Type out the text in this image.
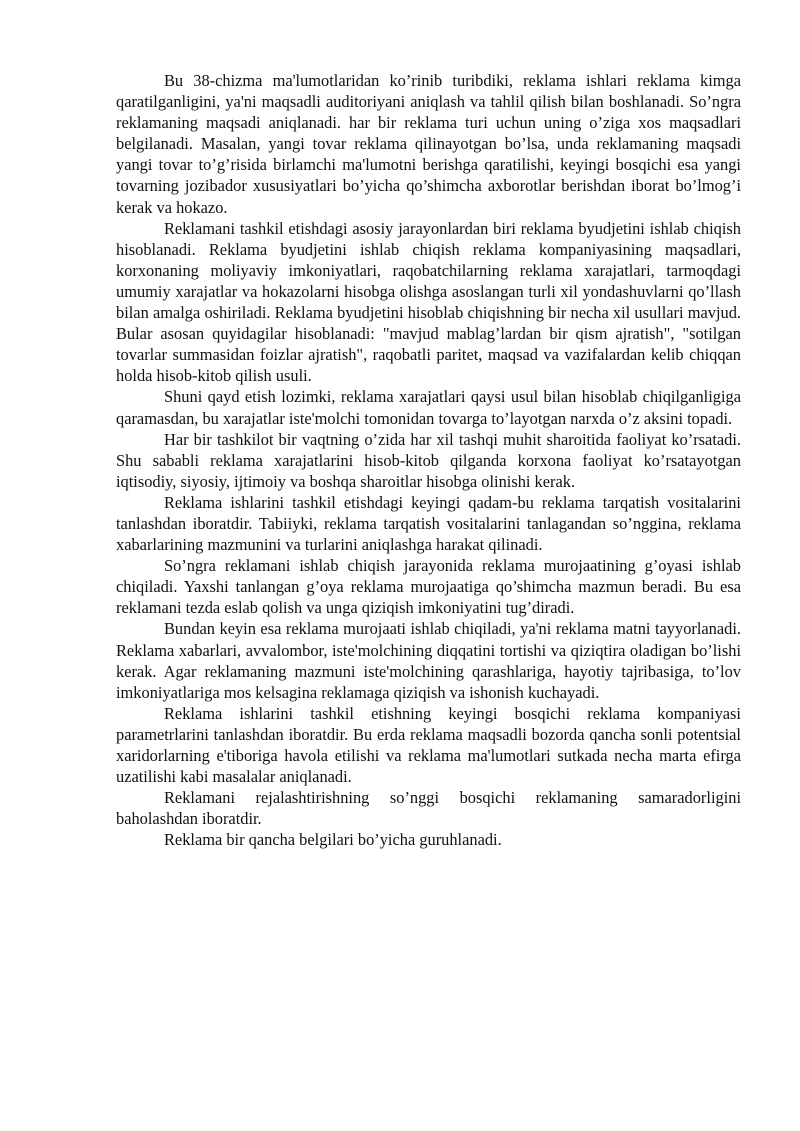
Bu 38-chizma ma'lumotlaridan ko’rinib turibdiki, reklama ishlari reklama kimga qaratilganligini, ya'ni maqsadli auditoriyani aniqlash va tahlil qilish bilan boshlanadi. So’ngra reklamaning maqsadi aniqlanadi. har bir reklama turi uchun uning o’ziga xos maqsadlari belgilanadi. Masalan, yangi tovar reklama qilinayotgan bo’lsa, unda reklamaning maqsadi yangi tovar to’g’risida birlamchi ma'lumotni berishga qaratilishi, keyingi bosqichi esa yangi tovarning jozibador xususiyatlari bo’yicha qo’shimcha axborotlar berishdan iborat bo’lmog’i kerak va hokazo.

Reklamani tashkil etishdagi asosiy jarayonlardan biri reklama byudjetini ishlab chiqish hisoblanadi. Reklama byudjetini ishlab chiqish reklama kompaniyasining maqsadlari, korxonaning moliyaviy imkoniyatlari, raqobatchilarning reklama xarajatlari, tarmoqdagi umumiy xarajatlar va hokazolarni hisobga olishga asoslangan turli xil yondashuvlarni qo’llash bilan amalga oshiriladi. Reklama byudjetini hisoblab chiqishning bir necha xil usullari mavjud. Bular asosan quyidagilar hisoblanadi: "mavjud mablag’lardan bir qism ajratish", "sotilgan tovarlar summasidan foizlar ajratish", raqobatli paritet, maqsad va vazifalardan kelib chiqqan holda hisob-kitob qilish usuli.

Shuni qayd etish lozimki, reklama xarajatlari qaysi usul bilan hisoblab chiqilganligiga qaramasdan, bu xarajatlar iste'molchi tomonidan tovarga to’layotgan narxda o’z aksini topadi.

Har bir tashkilot bir vaqtning o’zida har xil tashqi muhit sharoitida faoliyat ko’rsatadi. Shu sababli reklama xarajatlarini hisob-kitob qilganda korxona faoliyat ko’rsatayotgan iqtisodiy, siyosiy, ijtimoiy va boshqa sharoitlar hisobga olinishi kerak.

Reklama ishlarini tashkil etishdagi keyingi qadam-bu reklama tarqatish vositalarini tanlashdan iboratdir. Tabiiyki, reklama tarqatish vositalarini tanlagandan so’nggina, reklama xabarlarining mazmunini va turlarini aniqlashga harakat qilinadi.

So’ngra reklamani ishlab chiqish jarayonida reklama murojaatining g’oyasi ishlab chiqiladi. Yaxshi tanlangan g’oya reklama murojaatiga qo’shimcha mazmun beradi. Bu esa reklamani tezda eslab qolish va unga qiziqish imkoniyatini tug’diradi.

Bundan keyin esa reklama murojaati ishlab chiqiladi, ya'ni reklama matni tayyorlanadi. Reklama xabarlari, avvalombor, iste'molchining diqqatini tortishi va qiziqtira oladigan bo’lishi kerak. Agar reklamaning mazmuni iste'molchining qarashlariga, hayotiy tajribasiga, to’lov imkoniyatlariga mos kelsagina reklamaga qiziqish va ishonish kuchayadi.

Reklama ishlarini tashkil etishning keyingi bosqichi reklama kompaniyasi parametrlarini tanlashdan iboratdir. Bu erda reklama maqsadli bozorda qancha sonli potentsial xaridorlarning e'tiboriga havola etilishi va reklama ma'lumotlari sutkada necha marta efirga uzatilishi kabi masalalar aniqlanadi.

Reklamani rejalashtirishning so’nggi bosqichi reklamaning samaradorligini baholashdan iboratdir.

Reklama bir qancha belgilari bo’yicha guruhlanadi.
